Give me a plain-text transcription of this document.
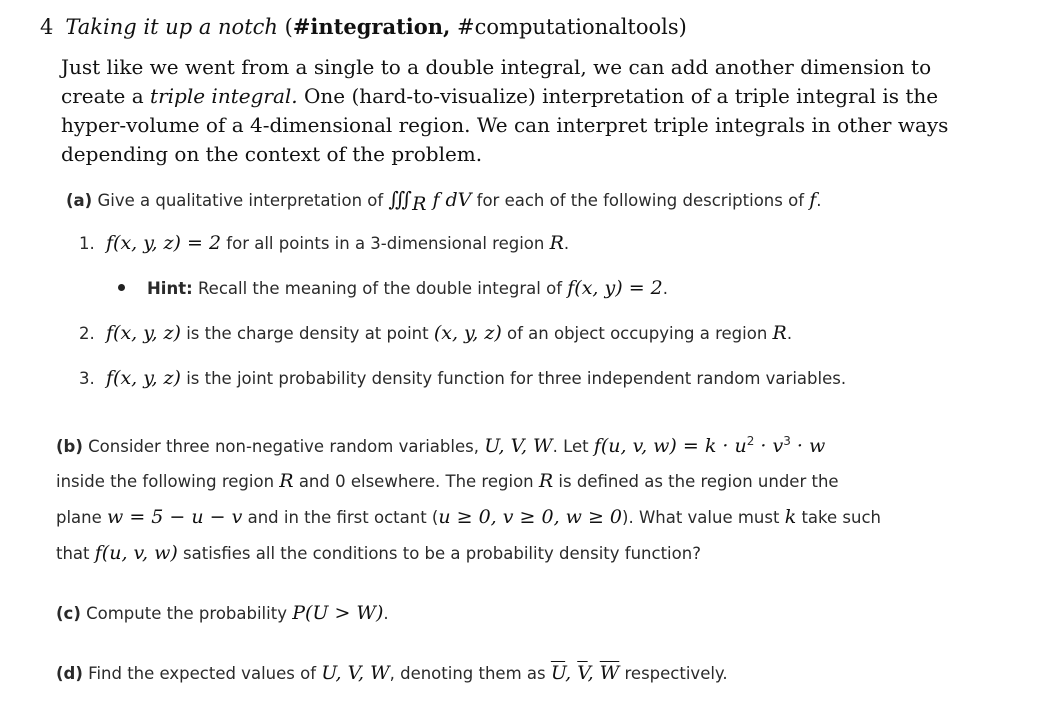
4 Taking it up a notch (#integration, #computationaltools)

Just like we went from a single to a double integral, we can add another dimension to

create a triple integral. One (hard-to-visualize) interpretation of a triple integral is the

hyper-volume of a 4-dimensional region. We can interpret triple integrals in other ways

depending on the context of the problem.

(a) Give a qualitative interpretation of ∭R f dV for each of the following descriptions of f.
1. f(x, y, z) = 2 for all points in a 3-dimensional region R.
Hint: Recall the meaning of the double integral of f(x, y) = 2.
2. f(x, y, z) is the charge density at point (x, y, z) of an object occupying a region R.
3. f(x, y, z) is the joint probability density function for three independent random variables.
(b) Consider three non-negative random variables, U, V, W. Let f(u, v, $w) = k \cdot u^2 \cdot v^3 \cdot w$
inside the following region R and 0 elsewhere. The region R is defined as the region under the
plane w = 5 − u − v and in the first octant (u ≥ 0, v ≥ 0, w ≥ 0). What value must k take such
that f(u, v, w) satisfies all the conditions to be a probability density function?
(c) Compute the probability P(U > W).
(d) Find the expected values of U, V, W, denoting them as $\overline{U}$, $\overline{V}$, $\overline{W}$ respectively.
